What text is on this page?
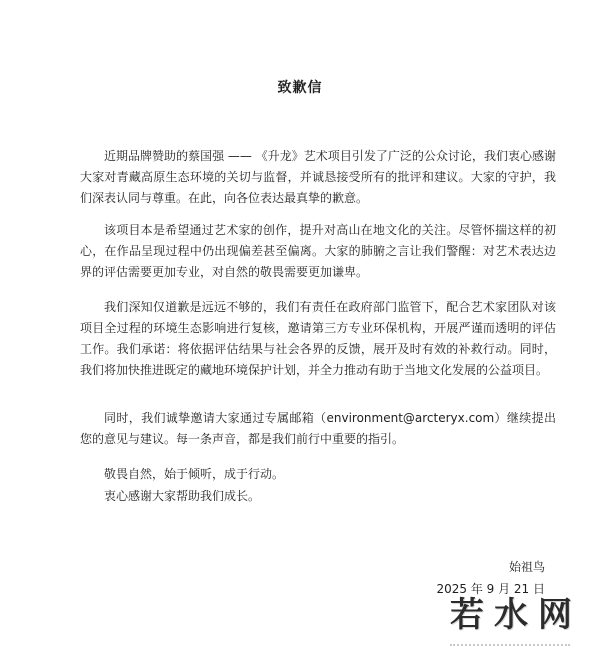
致歉信

近期品牌赞助的蔡国强 —— 《升龙》艺术项目引发了广泛的公众讨论，我们衷心感谢大家对青藏高原生态环境的关切与监督，并诚恳接受所有的批评和建议。大家的守护，我们深表认同与尊重。在此，向各位表达最真挚的歉意。

该项目本是希望通过艺术家的创作，提升对高山在地文化的关注。尽管怀揣这样的初心，在作品呈现过程中仍出现偏差甚至偏离。大家的肺腑之言让我们警醒：对艺术表达边界的评估需要更加专业，对自然的敬畏需要更加谦卑。

我们深知仅道歉是远远不够的，我们有责任在政府部门监管下，配合艺术家团队对该项目全过程的环境生态影响进行复核，邀请第三方专业环保机构，开展严谨而透明的评估工作。我们承诺：将依据评估结果与社会各界的反馈，展开及时有效的补救行动。同时，我们将加快推进既定的藏地环境保护计划，并全力推动有助于当地文化发展的公益项目。

同时，我们诚挚邀请大家通过专属邮箱（environment@arcteryx.com）继续提出您的意见与建议。每一条声音，都是我们前行中重要的指引。

敬畏自然，始于倾听，成于行动。
衷心感谢大家帮助我们成长。
始祖鸟
2025 年 9 月 21 日
若水网
